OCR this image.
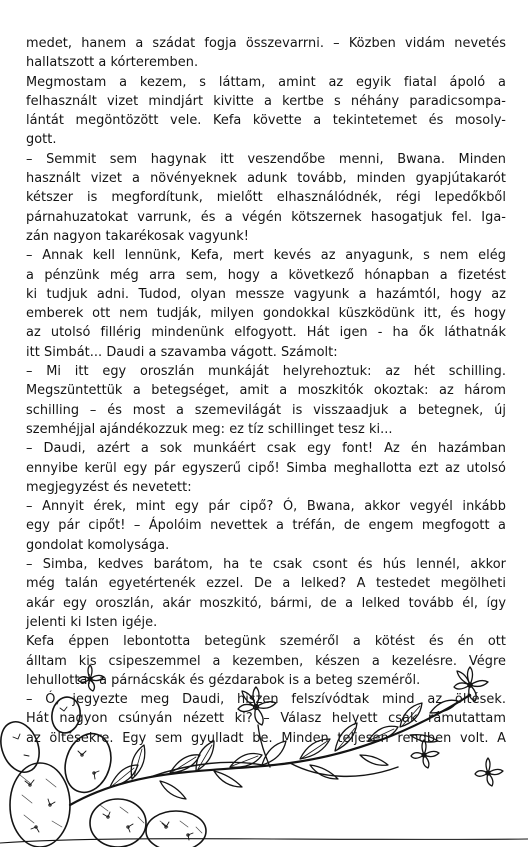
medet, hanem a szádat fogja összevarrni. – Közben vidám nevetés
hallatszott a kórteremben.
Megmostam a kezem, s láttam, amint az egyik fiatal ápoló a
felhasznált vizet mindjárt kivitte a kertbe s néhány paradicsompa-
lántát megöntözött vele. Kefa követte a tekintetemet és mosoly-
gott.
– Semmit sem hagynak itt veszendőbe menni, Bwana. Minden
használt vizet a növényeknek adunk tovább, minden gyapjútakarót
kétszer is megfordítunk, mielőtt elhasználódnék, régi lepedőkből
párnahuzatokat varrunk, és a végén kötszernek hasogatjuk fel. Iga-
zán nagyon takarékosak vagyunk!
– Annak kell lennünk, Kefa, mert kevés az anyagunk, s nem elég
a pénzünk még arra sem, hogy a következő hónapban a fizetést
ki tudjuk adni. Tudod, olyan messze vagyunk a hazámtól, hogy az
emberek ott nem tudják, milyen gondokkal küszködünk itt, és hogy
az utolsó fillérig mindenünk elfogyott. Hát igen - ha ők láthatnák
itt Simbát... Daudi a szavamba vágott. Számolt:
– Mi itt egy oroszlán munkáját helyrehoztuk: az hét schilling.
Megszüntettük a betegséget, amit a moszkitók okoztak: az három
schilling – és most a szemevilágát is visszaadjuk a betegnek, új
szemhéjjal ajándékozzuk meg: ez tíz schillinget tesz ki...
– Daudi, azért a sok munkáért csak egy font! Az én hazámban
ennyibe kerül egy pár egyszerű cipő! Simba meghallotta ezt az utolsó
megjegyzést és nevetett:
– Annyit érek, mint egy pár cipő? Ó, Bwana, akkor vegyél inkább
egy pár cipőt! – Ápolóim nevettek a tréfán, de engem megfogott a
gondolat komolysága.
– Simba, kedves barátom, ha te csak csont és hús lennél, akkor
még talán egyetértenék ezzel. De a lelked? A testedet megölheti
akár egy oroszlán, akár moszkitó, bármi, de a lelked tovább él, így
jelenti ki Isten igéje.
Kefa éppen lebontotta betegünk szeméről a kötést és én ott
álltam kis csipeszemmel a kezemben, készen a kezelésre. Végre
lehullottak a párnácskák és gézdarabok is a beteg szeméről.
– Ó, jegyezte meg Daudi, hiszen felszívódtak mind az öltések.
Hát nagyon csúnyán nézett ki? – Válasz helyett csak rámutattam
az öltésekre. Egy sem gyulladt be. Minden teljesen rendben volt. A
